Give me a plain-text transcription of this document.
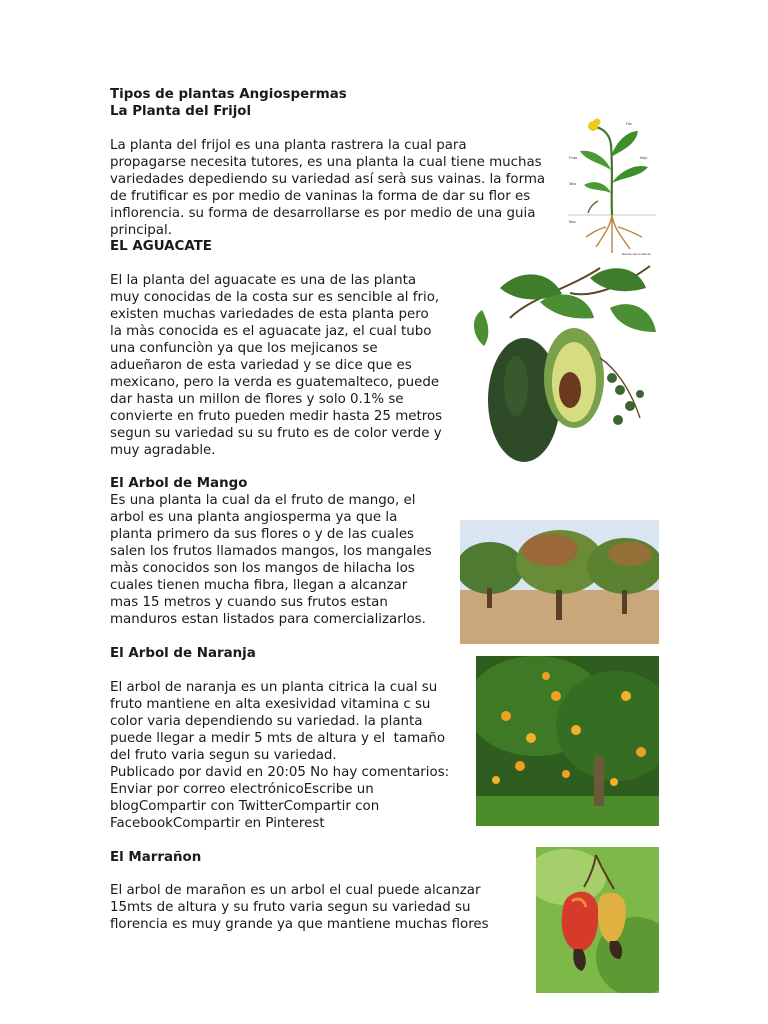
Tipos de plantas Angiospermas

La Planta del Frijol

La planta del frijol es una planta rastrera la cual para
propagarse necesita tutores, es una planta la cual tiene muchas
variedades depediendo su variedad así serà sus vainas. la forma
de frutificar es por medio de vaninas la forma de dar su flor es
inflorencia. su forma de desarrollarse es por medio de una guia
principal.

EL AGUACATE

El la planta del aguacate es una de las planta
muy conocidas de la costa sur es sencible al frio,
existen muchas variedades de esta planta pero
la màs conocida es el aguacate jaz, el cual tubo
una confunciòn ya que los mejicanos se
adueñaron de esta variedad y se dice que es
mexicano, pero la verda es guatemalteco, puede
dar hasta un millon de flores y solo 0.1% se
convierte en fruto pueden medir hasta 25 metros
segun su variedad su su fruto es de color verde y
muy agradable.

El Arbol de Mango

Es una planta la cual da el fruto de mango, el
arbol es una planta angiosperma ya que la
planta primero da sus flores o y de las cuales
salen los frutos llamados mangos, los mangales
màs conocidos son los mangos de hilacha los
cuales tienen mucha fibra, llegan a alcanzar
mas 15 metros y cuando sus frutos estan
manduros estan listados para comercializarlos.

El Arbol de Naranja

El arbol de naranja es un planta citrica la cual su
fruto mantiene en alta exesividad vitamina c su
color varia dependiendo su variedad. la planta
puede llegar a medir 5 mts de altura y el  tamaño
del fruto varia segun su variedad.
Publicado por david en 20:05 No hay comentarios:
Enviar por correo electrónicoEscribe un
blogCompartir con TwitterCompartir con
FacebookCompartir en Pinterest

El Marrañon

El arbol de marañon es un arbol el cual puede alcanzar
15mts de altura y su fruto varia segun su variedad su
florencia es muy grande ya que mantiene muchas flores

Flor
Fruto	Hoja
Tallo
Raíz
Raíces secundarias
